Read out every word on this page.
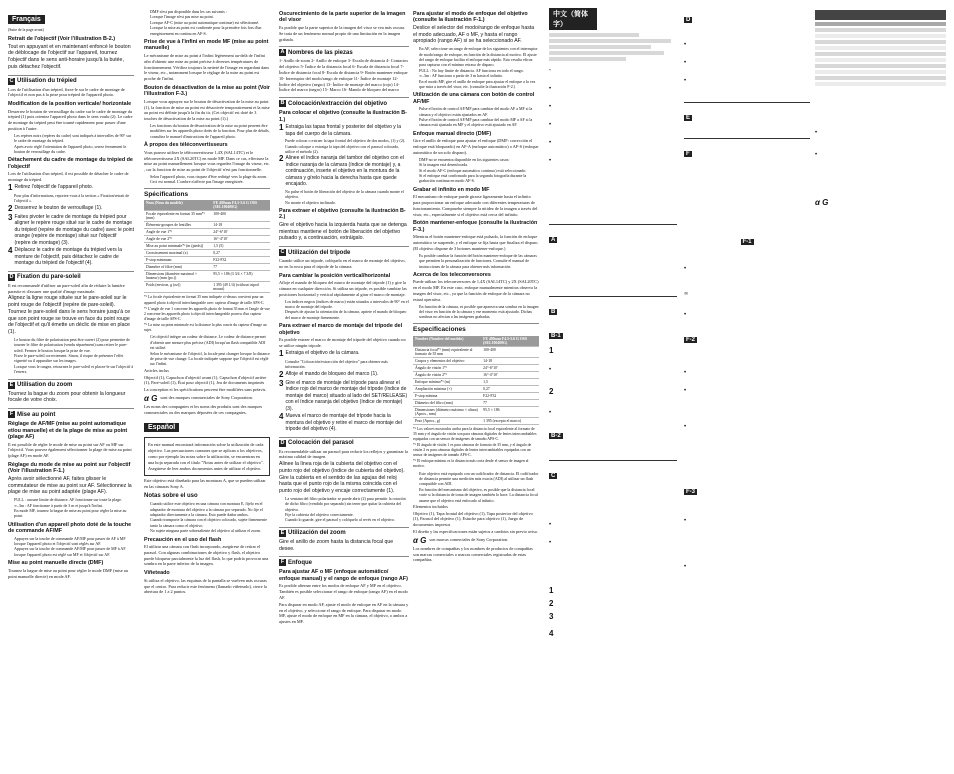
Français
(Suite de la page avant)
Retrait de l'objectif (Voir l'illustration B-2.)
Tout en appuyant et en maintenant enfoncé le bouton de déblocage de l'objectif sur l'appareil, tournez l'objectif dans le sens anti-horaire jusqu'à la butée, puis détachez l'objectif.
C Utilisation du trépied
Lors de l'utilisation d'un trépied, fixez-le sur le cadre de montage de l'objectif et non pas à la prise pour trépied de l'appareil photo.
Modification de la position verticale/ horizontale
Desserrez le bouton de verrouillage du cadre sur le cadre de montage du trépied (1) puis orientez l'appareil photo dans le sens voulu (2). Le cadre de montage du trépied peut être tourné rapidement pour passer d'une position à l'autre.
• Les repères noirs (repères du cadre) sont indiqués à intervalles de 90° sur le cadre de montage du trépied.
• Après avoir réglé l'orientation de l'appareil photo, serrez fermement le bouton de verrouillage du cadre.
Détachement du cadre de montage du trépied de l'objectif
Lors de l'utilisation d'un trépied, il est possible de détacher le cadre de montage du trépied.
1 Retirez l'objectif de l'appareil photo.
• Pour plus d'informations, reportez-vous à la section « Fixation/retrait de l'objectif ».
2 Desserrez le bouton de verrouillage (1).
3 Faites pivoter le cadre de montage du trépied pour aligner le repère rouge situé sur le cadre de montage du trépied (repère de montage du cadre) avec le point orange (repère de montage) situé sur l'objectif (repère de montage) (3).
4 Déplacez le cadre de montage du trépied vers la monture de l'objectif, puis détachez le cadre de montage du trépied de l'objectif (4).
D Fixation du pare-soleil
Il est recommandé d'utiliser un pare-soleil afin de réduire la lumière parasite et d'assurer une qualité d'image maximale.
Alignez la ligne rouge située sur le pare-soleil sur le point rouge de l'objectif (repère de pare-soleil). Tournez le pare-soleil dans le sens horaire jusqu'à ce que son point rouge se trouve en face du point rouge de l'objectif et qu'il émette un déclic de mise en place (1).
• Le bouton du filtre de polarisation peut être ouvert (2) pour permettre de tourner le filtre de polarisation (vendu séparément) sans retirer le pare-soleil. Fermez le bouton lorsque la prise de vue.
• Fixez le pare-soleil correctement. Sinon, il risque de présenter l'effet vignetté ou il apparaître sur les images.
• Lorsque vous le rangez, retournez le pare-soleil et placez-le sur l'objectif à l'envers.
E Utilisation du zoom
Tournez la bague du zoom pour obtenir la longueur focale de votre choix.
F Mise au point
Réglage de AF/MF (mise au point automatique et/ou manuelle) et de la plage de mise au point (plage AF)
Il est possible de régler le mode de mise au point sur AF ou MF sur l'objectif. Vous pouvez également sélectionner la plage de mise au point (plage AF) en mode AF.
Réglage du mode de mise au point sur l'objectif (Voir l'illustration F-1.)
Après avoir sélectionné AF, faites glisser le commutateur de mise au point sur AF. Sélectionnez la plage de mise au point adaptée (plage AF).
• FULL : aucune limite de distance. AF fonctionne sur toute la plage.
• ∞–3m : AF fonctionne à partir de 3 m et jusqu'à l'infini.
• En mode MF, tournez la bague de mise au point pour régler la mise au point.
Utilisation d'un appareil photo doté de la touche de commande AF/MF
• Appuyez sur la touche de commande AF/MF pour passer de AF à MF lorsque l'appareil photo et l'objectif sont réglés sur AF.
• Appuyez sur la touche de commande AF/MF pour passer de MF à AF lorsque l'appareil photo est réglé sur MF et l'objectif sur AF.
Mise au point manuelle directe (DMF)
Tournez la bague de mise au point pour régler le mode DMF (mise au point manuelle directe) en mode AF.
• DMF n'est pas disponible dans les cas suivants :
• Lorsque l'image n'est pas mise au point.
• Lorsque AF-C (mise au point automatique continue) est sélectionné.
• Lorsque la mise au point est confirmée pour la première fois lors d'un enregistrement en continu en AF-S.
Prise de vue à l'infini en mode MF (mise au point manuelle)
Le mécanisme de mise au point à l'infini légèrement au-delà de l'infini afin d'obtenir une mise au point précise à diverses températures de fonctionnement. Vérifiez toujours la netteté de l'image en regardant dans le viseur, etc., notamment lorsque le réglage de la mise au point est proche de l'infini.
Bouton de désactivation de la mise au point (Voir l'illustration F-3.)
Lorsque vous appuyez sur le bouton de désactivation de la mise au point (1), la fonction de mise au point est désactivée temporairement et la mise au point est définie jusqu'à la fin du tir. (Cet objectif est doté de 3 touches de désactivation de la mise au point (1).)
• Les fonctions du bouton de désactivation de la mise au point peuvent être modifiées sur les appareils photo dotés de la fonction. Pour plus de détails, consultez le manuel d'instructions de l'appareil photo.
À propos des téléconvertisseurs
Vous pouvez utiliser le téléconvertisseur 1,4X (SAL14TC) et le téléconvertisseur 2X (SAL20TC) en mode MF. Dans ce cas, effectuez la mise au point manuellement lorsque vous regardez l'image du viseur, etc. , car la fonction de mise au point de l'objectif n'est pas fonctionnelle.
• Selon l'appareil photo, vous risquez d'être redirigé vers la plage du zoom. Ceci est normal. L'ombre n'affecte pas l'image enregistrée.
Spécifications
Nom (Nom du modèle)	FE 400mm F4.5-5.6 G OSS (SEL100400G)
Focale équivalente en format 35 mm*¹ (mm)	100-400
Éléments-groupes de lentilles	14-18
Angle de vue 1*²	24°-6°10'
Angle de vue 2*²	16°-4°10'
Mise au point minimale*³ (m (pieds))	1,5 (5)
Grossissement maximal (x)	0,27
F-stop minimum	F22-F32
Diamètre of filtre (mm)	77
Dimensions (diamètre maximal × hauteur) (mm (po.))	95,5 × 186 (3 3/4 × 7 3/8)
Poids (environ, g (oz))	1 395 (49 1/4) (without tripod mount)
*¹ La focale équivalente en format 35 mm indiquée ci-dessus convient pour un appareil photo à objectif interchangeable avec capteur d'image de taille APS-C.
*² L'angle de vue 1 concerne les appareils photo de format 35 mm et l'angle de vue 2 concerne les appareils photo à objectif interchangeable pourvu d'un capteur d'image de taille APS-C.
*³ La mise au point minimale est la distance la plus courte du capteur d'image au sujet.
• Cet objectif intègre un codeur de distance. Le codeur de distance permet d'obtenir une mesure plus précise (ADI) lorsqu'un flash compatible ADI est utilisé.
• Selon le mécanisme de l'objectif, la focale peut changer lorsque la distance de prise de vue change. La focale indiquée suppose que l'objectif est réglé sur l'infini.
Articles inclus
Objectif (1), Capuchon d'objectif avant (1), Capuchon d'objectif arrière (1), Pare-soleil (1), Étui pour objectif (1), Jeu de documents imprimés
La conception et les spécifications peuvent être modifiées sans préavis.
α G sont des marques commerciales de Sony Corporation.
Les noms des compagnies et les noms des produits sont des marques commerciales ou des marques déposées de ces compagnies.
Español
En este manual encontrará información sobre la utilización de cada objetivo. Las precauciones comunes que se aplican a los objetivos, como por ejemplo las notas sobre la utilización, se encuentran en una hoja separada con el título "Notas antes de utilizar el objetivo". Asegúrese de leer ambos documentos antes de utilizar el objetivo.
Este objetivo está diseñado para las monturas A, que se pueden utilizar en las cámaras Sony A.
Notas sobre el uso
• Cuando utilice este objetivo en una cámara con montura E, fíjelo en el adaptador de montura del objetivo a la cámara por separado. No fije el adaptador directamente a la cámara. Esto puede dañar ambos.
• Cuando transporte la cámara con el objetivo colocado, sujete firmemente tanto la cámara como el objetivo.
• No sujete ninguna parte sobresaliente del objetivo al utilizar el zoom.
Precaución en el uso del flash
El utilizar una cámara con flash incorporado, asegúrese de retirar el parasol. Con algunas combinaciones de objetivo y flash, el objetivo puede bloquear parcialmente la luz del flash, lo que podría provocar una sombra en la parte inferior de la imagen.
Viñeteado
Si utiliza el objetivo, las esquinas de la pantalla se vuelven más oscuras que el centro. Para reducir este fenómeno (llamado viñeteado), cierre la abertura de 1 a 2 puntos.
Oscurecimiento de la parte superior de la imagen del visor
Es posible que la parte superior de la imagen del visor se vea más oscura. Se trata de un fenómeno normal propio de una limitación en la imagen grabada.
A Nombres de las piezas
1- Anillo de zoom 2- Anillo de enfoque 3- Escala de distancia 4- Contactos del objetivo 5- Índice de la distancia focal 6- Escala de distancia focal 7- Índice de distancia focal 8- Escala de distancia 9- Botón mantener enfoque 10- Interruptor del modo/rango de enfoque 11- Índice de montaje 12- Índice del objetivo (negro) 13- Índice de montaje del marco (rojo) 14- Índice del marco (negro) 15- Marco 16- Mando de bloqueo del marco
B Colocación/extracción del objetivo
Para colocar el objetivo (consulte la ilustración B-1.)
1 Extraiga las tapas frontal y posterior del objetivo y la tapa del cuerpo de la cámara.
• Puede colocar o extraer la tapa frontal del objetivo de dos modos, (1) y (2). Cuando coloque o extraiga la tapa del objetivo con el parasol colocado, utilice el método (2).
2 Alinee el índice naranja del tambor del objetivo con el índice naranja de la cámara (índice de montaje) y, a continuación, inserte el objetivo en la montura de la cámara y gírelo hacia la derecha hasta que quede encajado.
• No pulse el botón de liberación del objetivo de la cámara cuando monte el objetivo.
• No monte el objetivo inclinado.
Para extraer el objetivo (consulte la ilustración B-2.)
Gire el objetivo hacia la izquierda hasta que se detenga mientras mantiene el botón de liberación del objetivo pulsado y, a continuación, extráigalo.
C Utilización del trípode
Cuando utilice un trípode, colóquelo en el marco de montaje del objetivo, no en la rosca para el trípode de la cámara.
Para cambiar la posición vertical/horizontal
Afloje el mando de bloqueo del marco de montaje del trípode (1) y gire la cámara en cualquier dirección. Si utiliza un trípode, es posible cambiar las posiciones horizontal y vertical rápidamente al girar el marco de montaje.
• Los índices negros (índices de marco) están situados a intervalos de 90° en el marco de montaje del trípode.
• Después de ajustar la orientación de la cámara, apriete el mando de bloqueo del marco de montaje firmemente.
Para extraer el marco de montaje del trípode del objetivo
Es posible extraer el marco de montaje del trípode del objetivo cuando no se utilice ningún trípode.
1 Extraiga el objetivo de la cámara.
• Consulte "Colocación/extracción del objetivo" para obtener más información.
2 Afloje el mando de bloqueo del marco (1).
3 Gire el marco de montaje del trípode para alinear el índice rojo del marco de montaje del trípode (índice de montaje del marco) situado al lado del SET/RELEASE) con el índice naranja del objetivo (índice de montaje) (3).
4 Mueva el marco de montaje del trípode hacia la montura del objetivo y retire el marco de montaje del trípode del objetivo (4).
D Colocación del parasol
Es recomendable utilizar un parasol para reducir los reflejos y garantizar la máxima calidad de imagen.
Alinee la línea roja de la cubierta del objetivo con el punto rojo del objetivo (índice de cubierta del objetivo). Gire la cubierta en el sentido de las agujas del reloj hasta que el punto rojo de la misma coincida con el punto rojo del objetivo y encaje correctamente (1).
• La ventana del filtro polarizador se puede abrir (2) para permitir la rotación de dicho filtro (vendido por separado) sin tener que quitar la cubierta del objetivo.
• Fije la cubierta del objetivo correctamente.
• Cuando lo guarde, gire el parasol y colóquelo al revés en el objetivo.
E Utilización del zoom
Gire el anillo de zoom hasta la distancia focal que desee.
F Enfoque
Para ajustar AF o MF (enfoque automático/ enfoque manual) y el rango de enfoque (rango AF)
Es posible alternar entre los modos de enfoque AF y MF en el objetivo. También es posible seleccionar el rango de enfoque (rango AF) en el modo AF.
Para disparar en modo AF, ajuste el modo de enfoque en AF en la cámara y en el objetivo, y seleccione el rango de enfoque. Para disparar en modo MF, ajuste el modo de enfoque en MF en la cámara, el objetivo, o ambos a ajustes en MF.
Para ajustar el modo de enfoque del objetivo (consulte la ilustración F-1.)
Deslice el selector del modo/rango de enfoque hasta el modo adecuado, AF o MF, y hasta el rango apropiado (rango AF) si se ha seleccionado AF.
• En AF, seleccione un rango de enfoque de los siguientes con el interruptor de modo/rango de enfoque, en función de la distancia al motivo. El ajuste del rango de enfoque facilita el enfoque más rápido. Esto resulta eficaz para capturar con el mínimo retraso de disparo.
• FULL : No hay límite de distancia. AF funciona en todo el rango.
• ∞–3m : AF funciona a partir de 3 m hasta el infinito.
• En el modo MF, gire el anillo de enfoque para ajustar el enfoque a la vez que mira a través del visor, etc. (consulte la ilustración F-2.)
Utilización de una cámara con botón de control AF/MF
• Pulse el botón de control AF/MF para cambiar del modo AF a MF si la cámara y el objetivo están ajustados en AF.
• Pulse el botón de control AF/MF para cambiar del modo MF a AF si la cámara está ajustada en MF y el objetivo está ajustado en AF.
Enfoque manual directo (DMF)
Gire el anillo de enfoque para ajustar el enfoque (DMF: corrección el enfoque está bloqueado) en AF-A (enfoque automático) o AF-S (enfoque automático de un solo disparo).
• DMF no se encuentra disponible en los siguientes casos:
• Si la imagen está desenfocada.
• Si el modo AF-C (enfoque automático continuo) está seleccionado.
• Si el enfoque está confirmado para la segunda fotografía durante la grabación continua en modo AF-S.
Grabar el infinito en modo MF
El mecanismo de enfoque puede girarse ligeramente hasta el infinito para proporcionar un enfoque adecuado con diferentes temperaturas de funcionamiento. Compruebe siempre la nitidez de la imagen a través del visor, etc., especialmente si el objetivo está cerca del infinito.
Botón mantener-enfoque (consulte la ilustración F-3.)
Mientras el botón mantener-enfoque está pulsado, la función de enfoque automático se suspende, y el enfoque se fija hasta que finaliza el disparo. (El objetivo dispone de 3 botones mantener-enfoque.)
• Es posible cambiar la función del botón mantener-enfoque de las cámaras que permiten la personalización de funciones. Consulte el manual de instrucciones de la cámara para obtener más información.
Acerca de los teleconversores
Puede utilizar los teleconversores de 1,4X (SAL14TC) y 2X (SAL20TC) en el modo MF. En este caso, enfoque manualmente mientras observa la imagen del visor, etc., ya que la función de enfoque de la cámara no estará operativa.
• En función de la cámara, es posible que aparezca una sombra en la imagen del visor en función de la cámara y ese momento está ajustado. Dichas sombras no afectan a las imágenes grabadas.
Especificaciones
Nombre (Nombre del modelo)	FE 400mm F4.5-5.6 G OSS (SEL100400G)
Distancia focal*¹ (mm) equivalente al formato de 35 mm	100-400
Grupos y elementos del objetivo	14-18
Ángulo de visión 1*²	24°-6°10'
Ángulo de visión 2*²	16°-4°10'
Enfoque mínimo*³ (m)	1,5
Ampliación máxima (×)	0,27
F-stop mínima	F22-F32
Diámetro del filtro (mm)	77
Dimensiones (diámetro máximo × altura) (Aprox., mm)	95,5 × 186
Peso (Aprox., g)	1 395 (excepto el marco)
*¹ Los valores mostrados arriba para la distancia focal equivalente al formato de 35 mm y el ángulo de visión son para cámaras digitales de lentes intercambiables equipadas con un sensor de imágenes de tamaño APS-C.
*² El ángulo de visión 1 es para cámaras de formato de 35 mm, y el ángulo de visión 2 es para cámaras digitales de lentes intercambiables equipadas con un sensor de imágenes de tamaño APS-C.
*³ El enfoque mínimo es la distancia más corta desde el sensor de imagen al motivo.
• Este objetivo está equipado con un codificador de distancia. El codificador de distancia permite una medición más exacta (ADI) al utilizar un flash compatible con ADI.
• En función del mecanismo del objetivo, es posible que la distancia focal varíe si la distancia de toma de imagen también lo hace. La distancia focal asume que el objetivo está enfocado al infinito.
Elementos incluidos
Objetivo (1), Tapa frontal del objetivo (1), Tapa posterior del objetivo (1), Parasol del objetivo (1), Estuche para objetivo (1), Juego de documentos impresos
El diseño y las especificaciones están sujetos a cambios sin previo aviso.
α G son marcas comerciales de Sony Corporation.
Los nombres de compañías y los nombres de productos de compañías son marcas comerciales o marcas comerciales registradas de estas compañías.
中文（简体字）
*
•
•
•
•
•
A
B
B-1
1
•
2
•
B-2
C
•
•
1
2
3
4
D
•
•
•
E
F
F-1
•
∞
•
F-2
•
•
•
F-3
•
•
•
•
α G
